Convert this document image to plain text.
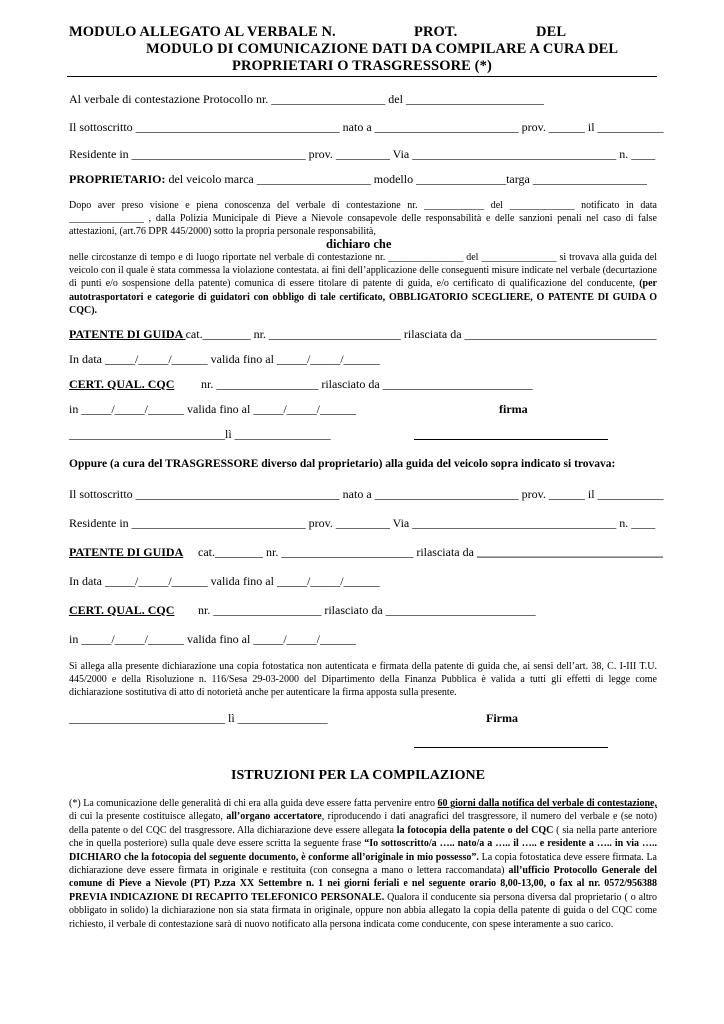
MODULO ALLEGATO AL VERBALE N.	PROT.	DEL
MODULO DI COMUNICAZIONE DATI DA COMPILARE A CURA DEL
PROPRIETARI O TRASGRESSORE (*)
Al verbale di contestazione Protocollo nr. ___________________ del _______________________
Il sottoscritto __________________________________ nato a ________________________ prov. ______ il ___________
Residente in _____________________________ prov. _________ Via __________________________________ n. ____
PROPRIETARIO: del veicolo marca ___________________ modello _______________targa ___________________
Dopo aver preso visione e piena conoscenza del verbale di contestazione nr. ____________ del _____________ notificato in data _______________ , dalla Polizia Municipale di Pieve a Nievole consapevole delle responsabilità e delle sanzioni penali nel caso di false attestazioni, (art.76 DPR 445/2000) sotto la propria personale responsabilità,
dichiaro che
nelle circostanze di tempo e di luogo riportate nel verbale di contestazione nr. _______________ del _______________ si trovava alla guida del veicolo con il quale è stata commessa la violazione contestata. ai fini dell’applicazione delle conseguenti misure indicate nel verbale (decurtazione di punti e/o sospensione della patente) comunica di essere titolare di patente di guida, e/o certificato di qualificazione del conducente, (per autotrasportatori e categorie di guidatori con obbligo di tale certificato, OBBLIGATORIO SCEGLIERE, O PATENTE DI GUIDA O CQC).
PATENTE DI GUIDA cat.________ nr. ______________________ rilasciata da ________________________________
In data _____/_____/______ valida fino al _____/_____/______
CERT. QUAL. CQC nr. _________________ rilasciato da _________________________
in _____/_____/______ valida fino al _____/_____/______	firma
__________________________lì ________________
Oppure (a cura del TRASGRESSORE diverso dal proprietario) alla guida del veicolo sopra indicato si trovava:
Il sottoscritto __________________________________ nato a ________________________ prov. ______ il ___________
Residente in _____________________________ prov. _________ Via __________________________________ n. ____
PATENTE DI GUIDA cat.________ nr. ______________________ rilasciata da _______________________________
In data _____/_____/______ valida fino al _____/_____/______
CERT. QUAL. CQC nr. __________________ rilasciato da _________________________
in _____/_____/______ valida fino al _____/_____/______
Si allega alla presente dichiarazione una copia fotostatica non autenticata e firmata della patente di guida che, ai sensi dell’art. 38, C. I-III T.U. 445/2000 e della Risoluzione n. 116/Sesa 29-03-2000 del Dipartimento della Finanza Pubblica è valida a tutti gli effetti di legge come dichiarazione sostitutiva di atto di notorietà anche per autenticare la firma apposta sulla presente.
__________________________ lì _______________	Firma
ISTRUZIONI PER LA COMPILAZIONE
(*) La comunicazione delle generalità di chi era alla guida deve essere fatta pervenire entro 60 giorni dalla notifica del verbale di contestazione, di cui la presente costituisce allegato, all’organo accertatore, riproducendo i dati anagrafici del trasgressore, il numero del verbale e (se noto) della patente o del CQC del trasgressore. Alla dichiarazione deve essere allegata la fotocopia della patente o del CQC ( sia nella parte anteriore che in quella posteriore) sulla quale deve essere scritta la seguente frase “Io sottoscritto/a ….. nato/a a ….. il ….. e residente a ….. in via ….. DICHIARO che la fotocopia del seguente documento, è conforme all’originale in mio possesso”. La copia fotostatica deve essere firmata. La dichiarazione deve essere firmata in originale e restituita (con consegna a mano o lettera raccomandata) all’ufficio Protocollo Generale del comune di Pieve a Nievole (PT) P.zza XX Settembre n. 1 nei giorni feriali e nel seguente orario 8,00-13,00, o fax al nr. 0572/956388 PREVIA INDICAZIONE DI RECAPITO TELEFONICO PERSONALE. Qualora il conducente sia persona diversa dal proprietario ( o altro obbligato in solido) la dichiarazione non sia stata firmata in originale, oppure non abbia allegato la copia della patente di guida o del CQC come richiesto, il verbale di contestazione sarà di nuovo notificato alla persona indicata come conducente, con spese interamente a suo carico.
